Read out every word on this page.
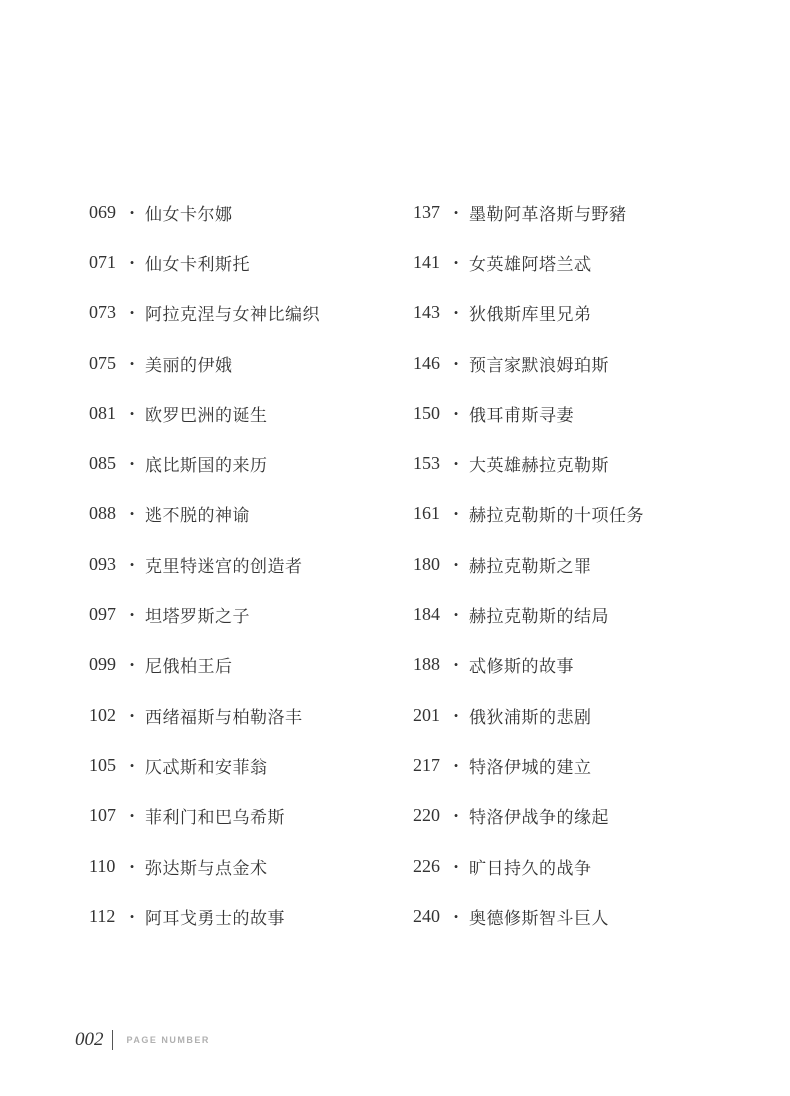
069 · 仙女卡尔娜
071 · 仙女卡利斯托
073 · 阿拉克涅与女神比编织
075 · 美丽的伊娥
081 · 欧罗巴洲的诞生
085 · 底比斯国的来历
088 · 逃不脱的神谕
093 · 克里特迷宫的创造者
097 · 坦塔罗斯之子
099 · 尼俄柏王后
102 · 西绪福斯与柏勒洛丰
105 · 仄忒斯和安菲翁
107 · 菲利门和巴乌希斯
110 · 弥达斯与点金术
112 · 阿耳戈勇士的故事
137 · 墨勒阿革洛斯与野豬
141 · 女英雄阿塔兰忒
143 · 狄俄斯库里兄弟
146 · 预言家默浪姆珀斯
150 · 俄耳甫斯寻妻
153 · 大英雄赫拉克勒斯
161 · 赫拉克勒斯的十项任务
180 · 赫拉克勒斯之罪
184 · 赫拉克勒斯的结局
188 · 忒修斯的故事
201 · 俄狄浦斯的悲剧
217 · 特洛伊城的建立
220 · 特洛伊战争的缘起
226 · 旷日持久的战争
240 · 奥德修斯智斗巨人
002	PAGE NUMBER
